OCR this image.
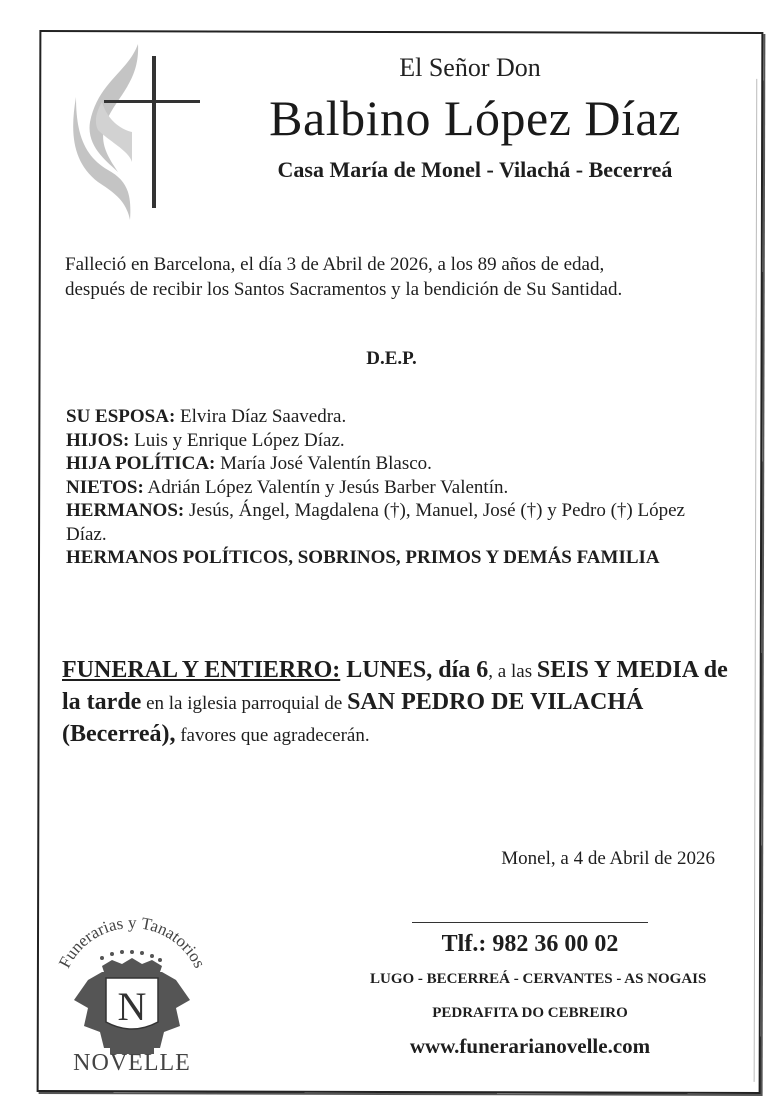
El Señor Don
Balbino López Díaz
Casa María de Monel - Vilachá - Becerreá
Falleció en Barcelona, el día 3 de Abril de 2026, a los 89 años de edad,
después de recibir los Santos Sacramentos y la bendición de Su Santidad.
D.E.P.

SU ESPOSA: Elvira Díaz Saavedra.

HIJOS: Luis y Enrique López Díaz.

HIJA POLÍTICA: María José Valentín Blasco.

NIETOS: Adrián López Valentín y Jesús Barber Valentín.

HERMANOS: Jesús, Ángel, Magdalena (†), Manuel, José (†) y Pedro (†) López Díaz.

HERMANOS POLÍTICOS, SOBRINOS, PRIMOS Y DEMÁS FAMILIA

FUNERAL Y ENTIERRO: LUNES, día 6, a las SEIS Y MEDIA de la tarde en la iglesia parroquial de SAN PEDRO DE VILACHÁ (Becerreá), favores que agradecerán.
Monel, a 4 de Abril de 2026
Funerarias y Tanatorios
N
NOVELLE
Tlf.: 982 36 00 02
LUGO - BECERREÁ - CERVANTES - AS NOGAIS
PEDRAFITA DO CEBREIRO
www.funerarianovelle.com
